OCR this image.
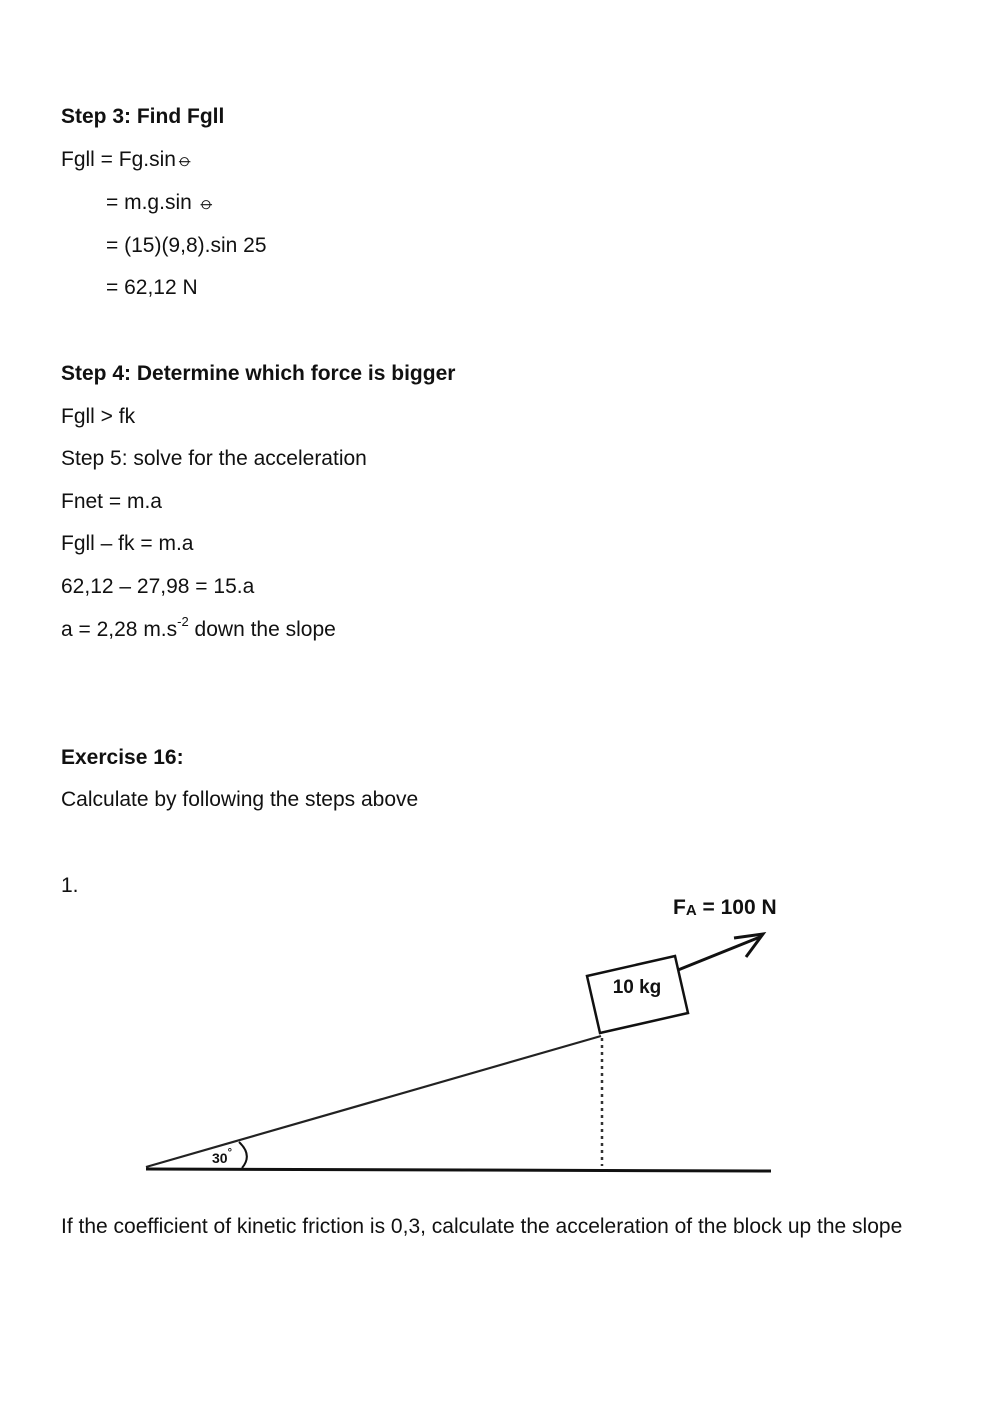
Step 3: Find Fgll
Fgll = Fg.sin⦵
= m.g.sin ⦵
= (15)(9,8).sin 25
= 62,12 N
Step 4: Determine which force is bigger
Fgll > fk
Step 5: solve for the acceleration
Fnet = m.a
Fgll – fk = m.a
62,12 – 27,98 = 15.a
a = 2,28 $m.s^{-2}$ down the slope
Exercise 16:
Calculate by following the steps above
1.
30°
10 kg
FA = 100 N
If the coefficient of kinetic friction is 0,3, calculate the acceleration of the block up the slope
